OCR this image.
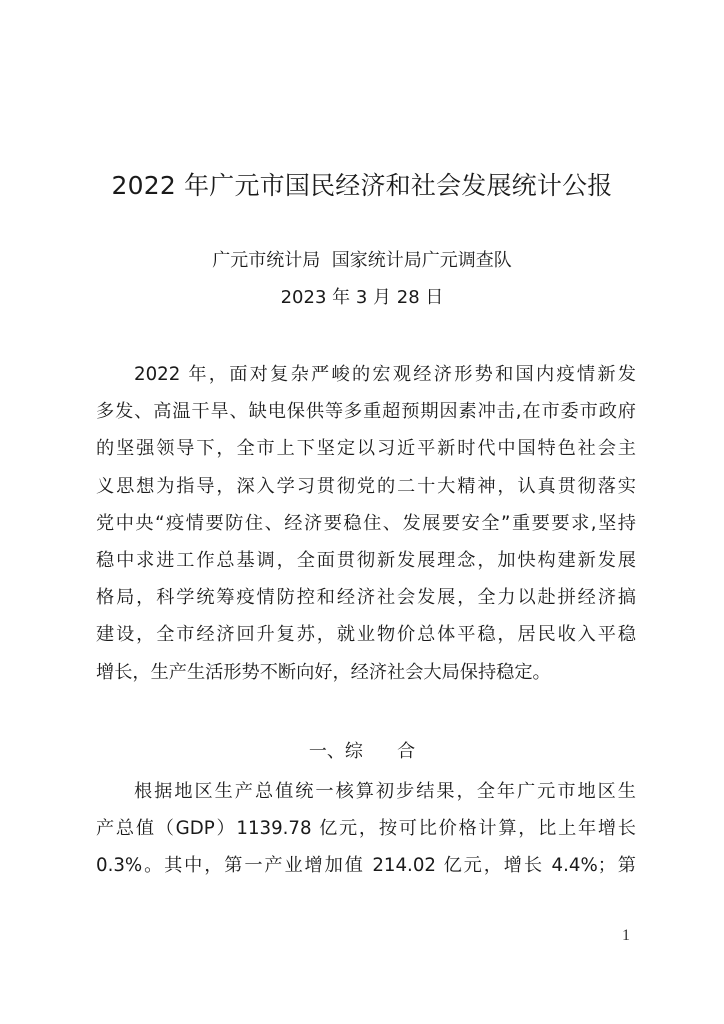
2022 年广元市国民经济和社会发展统计公报
广元市统计局  国家统计局广元调查队
2023 年 3 月 28 日
2022 年，面对复杂严峻的宏观经济形势和国内疫情新发
多发、高温干旱、缺电保供等多重超预期因素冲击,在市委市政府
的坚强领导下，全市上下坚定以习近平新时代中国特色社会主
义思想为指导，深入学习贯彻党的二十大精神，认真贯彻落实
党中央“疫情要防住、经济要稳住、发展要安全”重要要求,坚持
稳中求进工作总基调，全面贯彻新发展理念，加快构建新发展
格局，科学统筹疫情防控和经济社会发展，全力以赴拼经济搞
建设，全市经济回升复苏，就业物价总体平稳，居民收入平稳
增长，生产生活形势不断向好，经济社会大局保持稳定。
一、综      合
根据地区生产总值统一核算初步结果，全年广元市地区生
产总值（GDP）1139.78 亿元，按可比价格计算，比上年增长
0.3%。其中，第一产业增加值 214.02 亿元，增长 4.4%；第
1
